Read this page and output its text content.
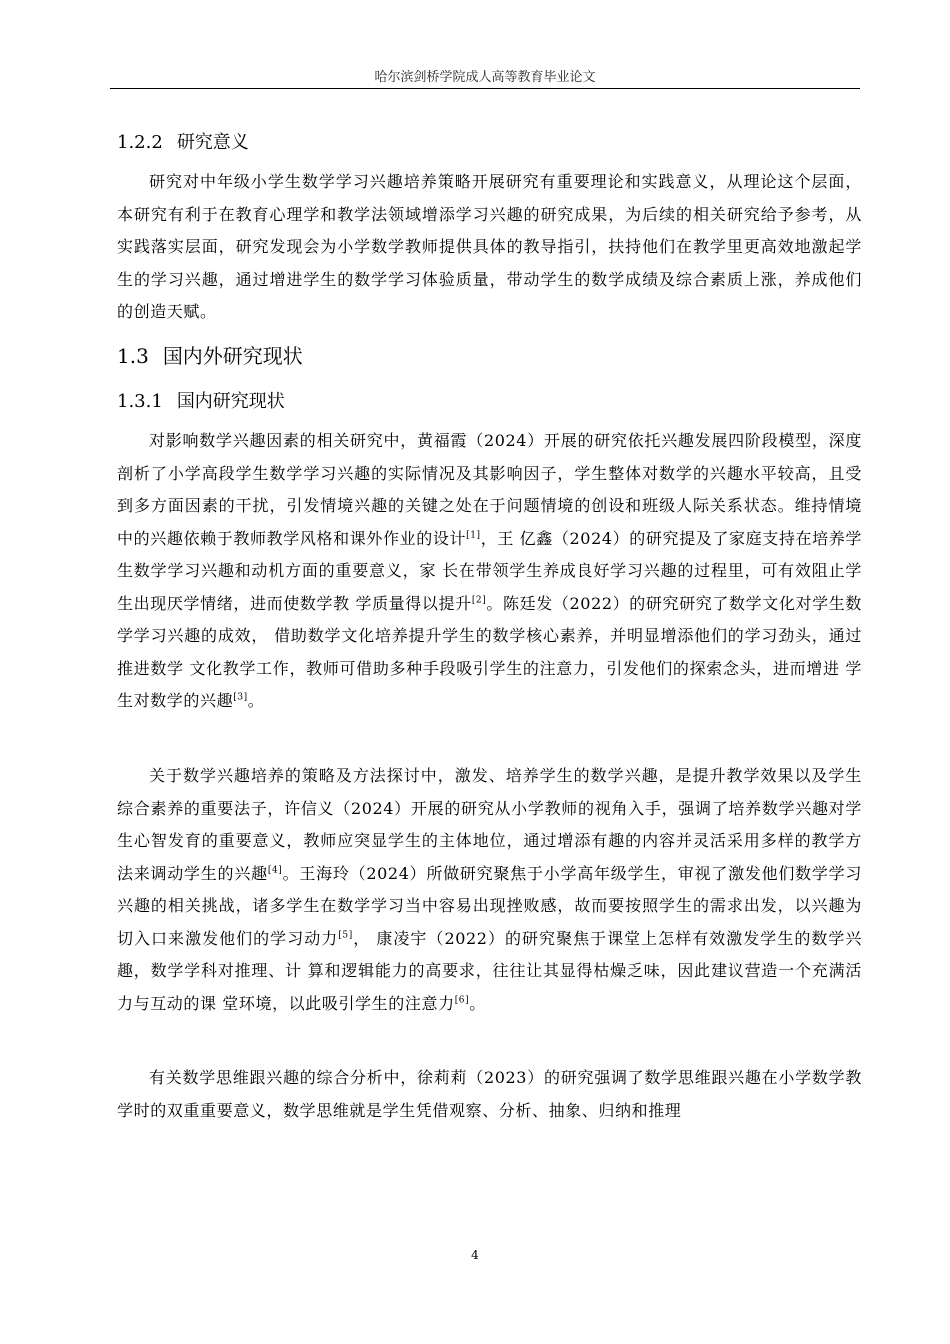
哈尔滨剑桥学院成人高等教育毕业论文
1.2.2 研究意义

研究对中年级小学生数学学习兴趣培养策略开展研究有重要理论和实践意义，从理论这个层面，本研究有利于在教育心理学和教学法领域增添学习兴趣的研究成果，为后续的相关研究给予参考，从实践落实层面，研究发现会为小学数学教师提供具体的教导指引，扶持他们在教学里更高效地激起学生的学习兴趣，通过增进学生的数学学习体验质量，带动学生的数学成绩及综合素质上涨，养成他们的创造天赋。

1.3 国内外研究现状
1.3.1 国内研究现状

对影响数学兴趣因素的相关研究中，黄福霞（2024）开展的研究依托兴趣发展四阶段模型，深度剖析了小学高段学生数学学习兴趣的实际情况及其影响因子，学生整体对数学的兴趣水平较高，且受到多方面因素的干扰，引发情境兴趣的关键之处在于问题情境的创设和班级人际关系状态。维持情境中的兴趣依赖于教师教学风格和课外作业的设计[1]，王 亿鑫（2024）的研究提及了家庭支持在培养学生数学学习兴趣和动机方面的重要意义，家 长在带领学生养成良好学习兴趣的过程里，可有效阻止学生出现厌学情绪，进而使数学教 学质量得以提升[2]。陈廷发（2022）的研究研究了数学文化对学生数学学习兴趣的成效， 借助数学文化培养提升学生的数学核心素养，并明显增添他们的学习劲头，通过推进数学 文化教学工作，教师可借助多种手段吸引学生的注意力，引发他们的探索念头，进而增进 学生对数学的兴趣[3]。

关于数学兴趣培养的策略及方法探讨中，激发、培养学生的数学兴趣，是提升教学效果以及学生综合素养的重要法子，许信义（2024）开展的研究从小学教师的视角入手，强调了培养数学兴趣对学生心智发育的重要意义，教师应突显学生的主体地位，通过增添有趣的内容并灵活采用多样的教学方法来调动学生的兴趣[4]。王海玲（2024）所做研究聚焦于小学高年级学生，审视了激发他们数学学习兴趣的相关挑战，诸多学生在数学学习当中容易出现挫败感，故而要按照学生的需求出发，以兴趣为切入口来激发他们的学习动力[5]， 康凌宇（2022）的研究聚焦于课堂上怎样有效激发学生的数学兴趣，数学学科对推理、计 算和逻辑能力的高要求，往往让其显得枯燥乏味，因此建议营造一个充满活力与互动的课 堂环境，以此吸引学生的注意力[6]。

有关数学思维跟兴趣的综合分析中，徐莉莉（2023）的研究强调了数学思维跟兴趣在小学数学教学时的双重重要意义，数学思维就是学生凭借观察、分析、抽象、归纳和推理

4
